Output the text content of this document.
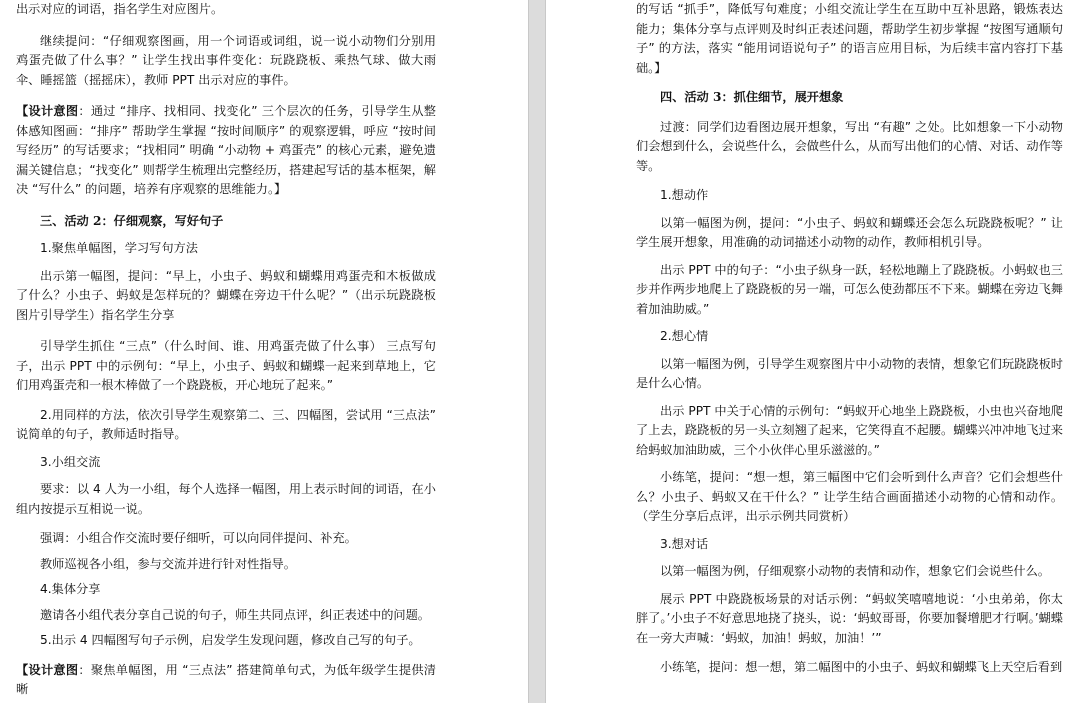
出示对应的词语，指名学生对应图片。

继续提问：“仔细观察图画，用一个词语或词组，说一说小动物们分别用鸡蛋壳做了什么事？” 让学生找出事件变化：玩跷跷板、乘热气球、做大雨伞、睡摇篮（摇摇床），教师 PPT 出示对应的事件。

【设计意图：通过 “排序、找相同、找变化” 三个层次的任务，引导学生从整体感知图画：“排序” 帮助学生掌握 “按时间顺序” 的观察逻辑，呼应 “按时间写经历” 的写话要求；“找相同” 明确 “小动物 + 鸡蛋壳” 的核心元素，避免遗漏关键信息；“找变化” 则帮学生梳理出完整经历，搭建起写话的基本框架，解决 “写什么” 的问题，培养有序观察的思维能力。】

三、活动 2：仔细观察，写好句子

1.聚焦单幅图，学习写句方法

出示第一幅图，提问：“早上，小虫子、蚂蚁和蝴蝶用鸡蛋壳和木板做成了什么？小虫子、蚂蚁是怎样玩的？蝴蝶在旁边干什么呢？”（出示玩跷跷板图片引导学生）指名学生分享

引导学生抓住 “三点”（什么时间、谁、用鸡蛋壳做了什么事） 三点写句子，出示 PPT 中的示例句：“早上，小虫子、蚂蚁和蝴蝶一起来到草地上，它们用鸡蛋壳和一根木棒做了一个跷跷板，开心地玩了起来。”

2.用同样的方法，依次引导学生观察第二、三、四幅图，尝试用 “三点法” 说简单的句子，教师适时指导。

3.小组交流

要求：以 4 人为一小组，每个人选择一幅图，用上表示时间的词语，在小组内按提示互相说一说。

强调：小组合作交流时要仔细听，可以向同伴提问、补充。

教师巡视各小组，参与交流并进行针对性指导。

4.集体分享

邀请各小组代表分享自己说的句子，师生共同点评，纠正表述中的问题。

5.出示 4 四幅图写句子示例，启发学生发现问题，修改自己写的句子。

【设计意图：聚焦单幅图，用 “三点法” 搭建简单句式，为低年级学生提供清晰

的写话 “抓手”，降低写句难度；小组交流让学生在互助中互补思路，锻炼表达能力；集体分享与点评则及时纠正表述问题，帮助学生初步掌握 “按图写通顺句子” 的方法，落实 “能用词语说句子” 的语言应用目标，为后续丰富内容打下基础。】

四、活动 3：抓住细节，展开想象

过渡：同学们边看图边展开想象，写出 “有趣” 之处。比如想象一下小动物们会想到什么，会说些什么，会做些什么，从而写出他们的心情、对话、动作等等。

1.想动作

以第一幅图为例，提问：“小虫子、蚂蚁和蝴蝶还会怎么玩跷跷板呢？” 让学生展开想象，用准确的动词描述小动物的动作，教师相机引导。

出示 PPT 中的句子：“小虫子纵身一跃，轻松地蹦上了跷跷板。小蚂蚁也三步并作两步地爬上了跷跷板的另一端，可怎么使劲都压不下来。蝴蝶在旁边飞舞着加油助威。”

2.想心情

以第一幅图为例，引导学生观察图片中小动物的表情，想象它们玩跷跷板时是什么心情。

出示 PPT 中关于心情的示例句：“蚂蚁开心地坐上跷跷板，小虫也兴奋地爬了上去，跷跷板的另一头立刻翘了起来，它笑得直不起腰。蝴蝶兴冲冲地飞过来给蚂蚁加油助威，三个小伙伴心里乐滋滋的。”

小练笔，提问：“想一想，第三幅图中它们会听到什么声音？它们会想些什么？小虫子、蚂蚁又在干什么？” 让学生结合画面描述小动物的心情和动作。（学生分享后点评，出示示例共同赏析）

3.想对话

以第一幅图为例，仔细观察小动物的表情和动作，想象它们会说些什么。

展示 PPT 中跷跷板场景的对话示例：“蚂蚁笑嘻嘻地说：‘小虫弟弟，你太胖了。’小虫子不好意思地挠了挠头，说：‘蚂蚁哥哥，你要加餐增肥才行啊。’蝴蝶在一旁大声喊：‘蚂蚁，加油！蚂蚁，加油！’”

小练笔，提问：想一想，第二幅图中的小虫子、蚂蚁和蝴蝶飞上天空后看到
